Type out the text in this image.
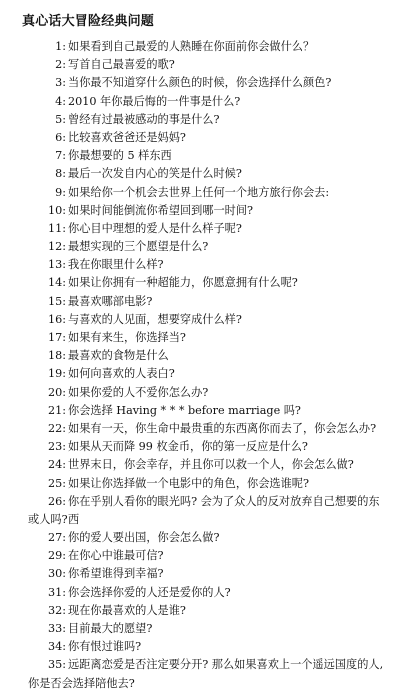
真心话大冒险经典问题
1: 如果看到自己最爱的人熟睡在你面前你会做什么？
2: 写首自己最喜爱的歌?
3: 当你最不知道穿什么颜色的时候，你会选择什么颜色?
4: 2010 年你最后悔的一件事是什么?
5: 曾经有过最被感动的事是什么?
6: 比较喜欢爸爸还是妈妈?
7: 你最想要的 5 样东西
8: 最后一次发自内心的笑是什么时候?
9: 如果给你一个机会去世界上任何一个地方旅行你会去:
10: 如果时间能倒流你希望回到哪一时间?
11: 你心目中理想的爱人是什么样子呢?
12: 最想实现的三个愿望是什么?
13: 我在你眼里什么样?
14: 如果让你拥有一种超能力，你愿意拥有什么呢?
15: 最喜欢哪部电影?
16: 与喜欢的人见面，想要穿成什么样?
17: 如果有来生，你选择当?
18: 最喜欢的食物是什么
19: 如何向喜欢的人表白?
20: 如果你爱的人不爱你怎么办?
21: 你会选择 Having * * * before marriage 吗?
22: 如果有一天，你生命中最贵重的东西离你而去了，你会怎么办?
23: 如果从天而降 99 枚金币，你的第一反应是什么?
24: 世界末日，你会幸存，并且你可以救一个人，你会怎么做?
25: 如果让你选择做一个电影中的角色，你会选谁呢?
26: 你在乎别人看你的眼光吗? 会为了众人的反对放弃自己想要的东西
或人吗?
27: 你的爱人要出国，你会怎么做?
29: 在你心中谁最可信?
30: 你希望谁得到幸福?
31: 你会选择你爱的人还是爱你的人?
32: 现在你最喜欢的人是谁?
33: 目前最大的愿望?
34: 你有恨过谁吗?
35: 远距离恋爱是否注定要分开? 那么如果喜欢上一个遥远国度的人,
你是否会选择陪他去?
